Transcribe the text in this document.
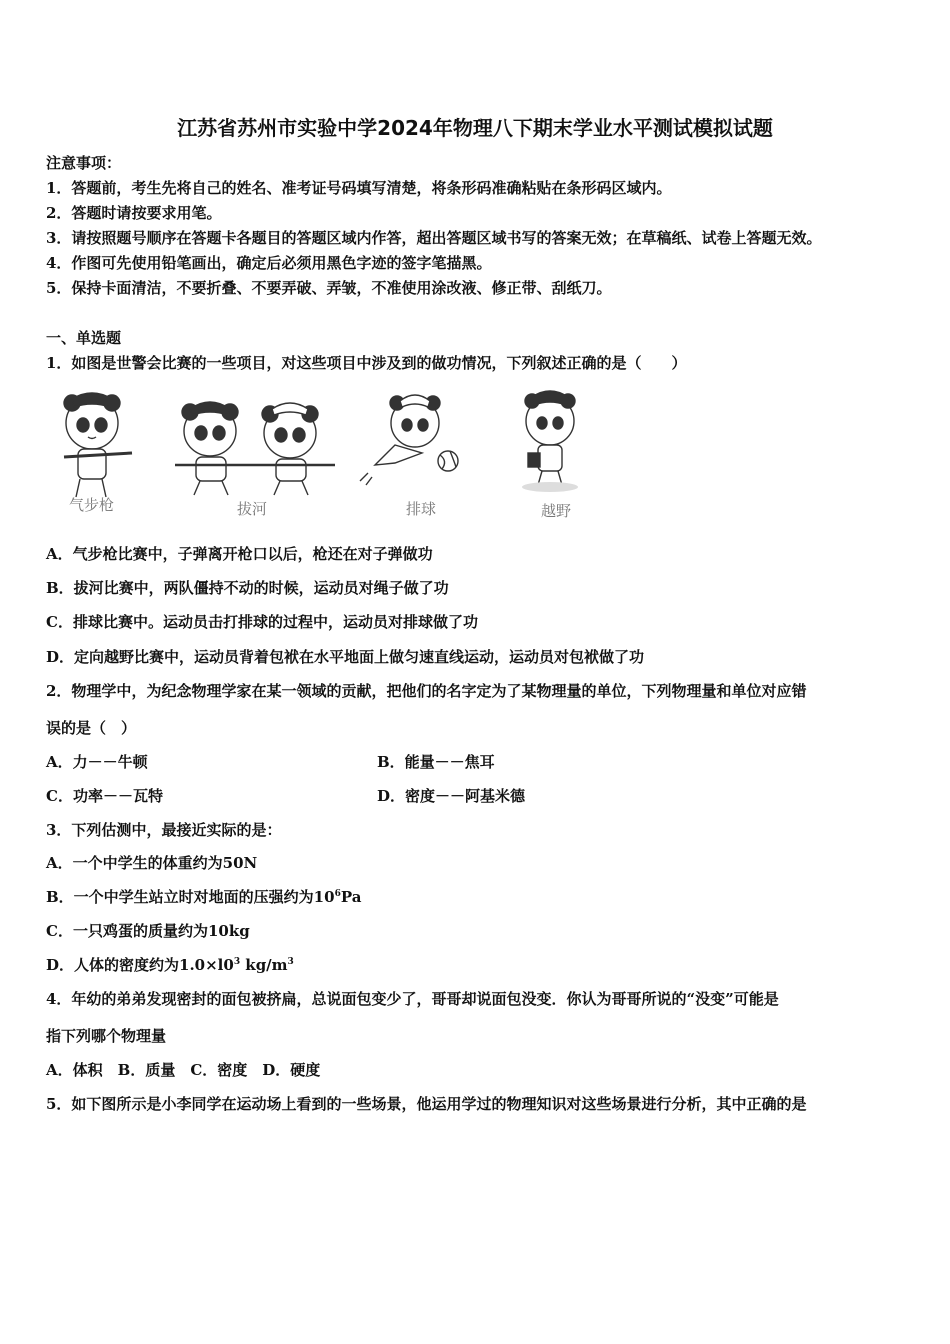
江苏省苏州市实验中学2024年物理八下期末学业水平测试模拟试题
注意事项：
1．答题前，考生先将自己的姓名、准考证号码填写清楚，将条形码准确粘贴在条形码区域内。
2．答题时请按要求用笔。
3．请按照题号顺序在答题卡各题目的答题区域内作答，超出答题区域书写的答案无效；在草稿纸、试卷上答题无效。
4．作图可先使用铅笔画出，确定后必须用黑色字迹的签字笔描黑。
5．保持卡面清洁，不要折叠、不要弄破、弄皱，不准使用涂改液、修正带、刮纸刀。
一、单选题
1．如图是世警会比赛的一些项目，对这些项目中涉及到的做功情况，下列叙述正确的是（　　）
气步枪	拔河	排球	越野
A．气步枪比赛中，子弹离开枪口以后，枪还在对子弹做功
B．拔河比赛中，两队僵持不动的时候，运动员对绳子做了功
C．排球比赛中。运动员击打排球的过程中，运动员对排球做了功
D．定向越野比赛中，运动员背着包袱在水平地面上做匀速直线运动，运动员对包袱做了功
2．物理学中，为纪念物理学家在某一领域的贡献，把他们的名字定为了某物理量的单位，下列物理量和单位对应错
误的是（　）
A．力－－牛顿	B．能量－－焦耳
C．功率－－瓦特	D．密度－－阿基米德
3．下列估测中，最接近实际的是：
A．一个中学生的体重约为50N
B．一个中学生站立时对地面的压强约为$10^6Pa$
C．一只鸡蛋的质量约为10kg
D．人体的密度约为$1.0\times l0^3$ $kg/m^3$
4．年幼的弟弟发现密封的面包被挤扁，总说面包变少了，哥哥却说面包没变．你认为哥哥所说的“没变”可能是
指下列哪个物理量
A．体积　B．质量　C．密度　D．硬度
5．如下图所示是小李同学在运动场上看到的一些场景，他运用学过的物理知识对这些场景进行分析，其中正确的是
